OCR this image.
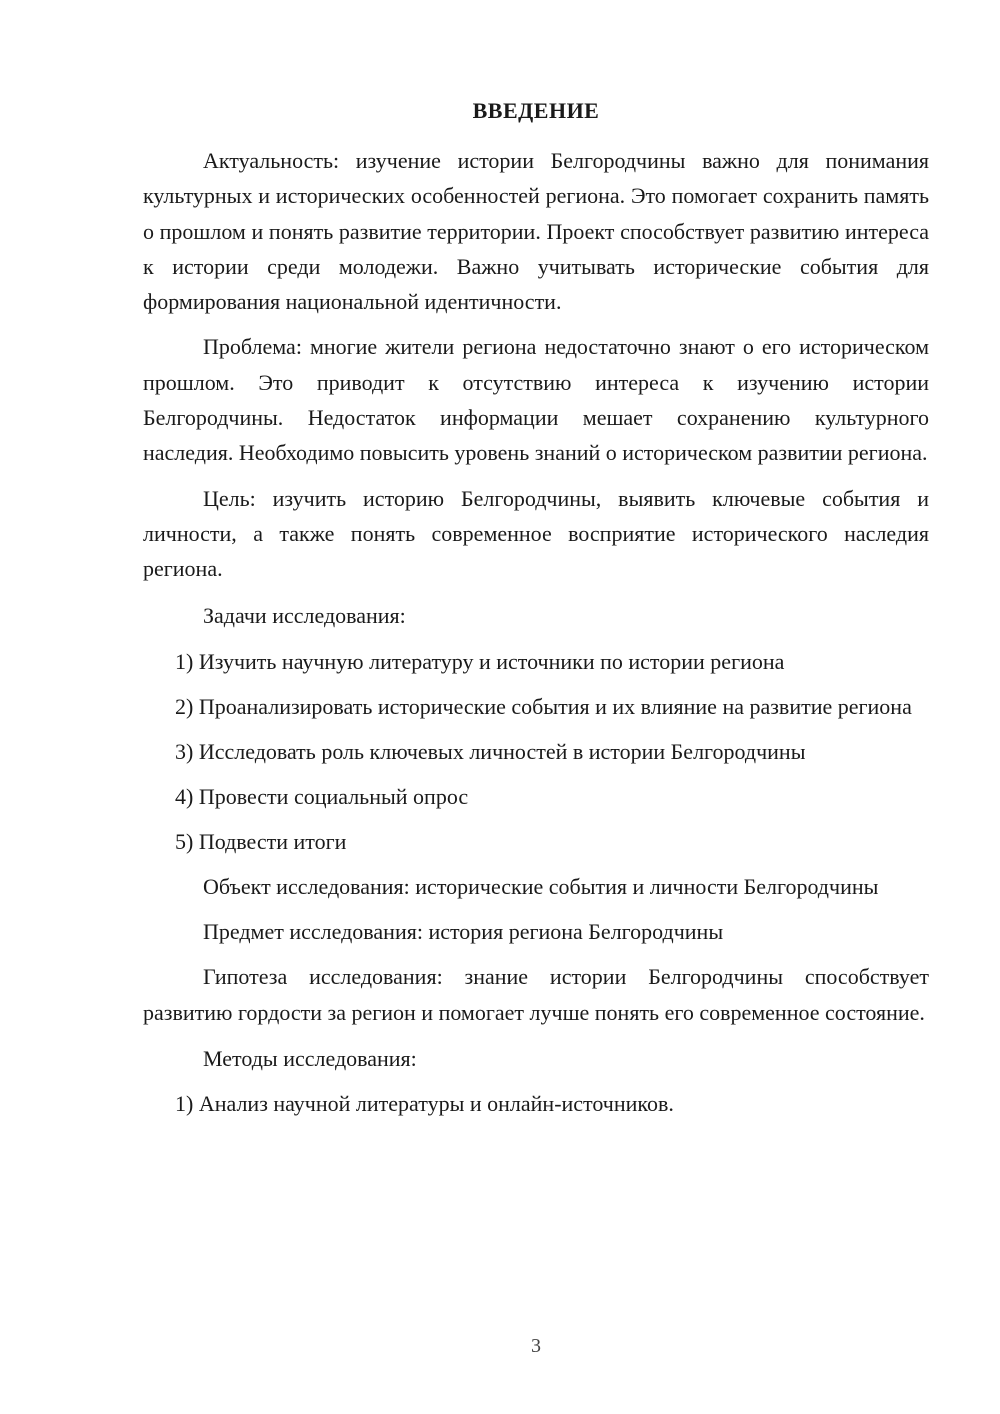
ВВЕДЕНИЕ

Актуальность: изучение истории Белгородчины важно для понимания культурных и исторических особенностей региона. Это помогает сохранить память о прошлом и понять развитие территории. Проект способствует развитию интереса к истории среди молодежи. Важно учитывать исторические события для формирования национальной идентичности.

Проблема: многие жители региона недостаточно знают о его историческом прошлом. Это приводит к отсутствию интереса к изучению истории Белгородчины. Недостаток информации мешает сохранению культурного наследия. Необходимо повысить уровень знаний о историческом развитии региона.

Цель: изучить историю Белгородчины, выявить ключевые события и личности, а также понять современное восприятие исторического наследия региона.

Задачи исследования:

1) Изучить научную литературу и источники по истории региона

2) Проанализировать исторические события и их влияние на развитие региона

3) Исследовать роль ключевых личностей в истории Белгородчины

4) Провести социальный опрос

5) Подвести итоги

Объект исследования: исторические события и личности Белгородчины

Предмет исследования: история региона Белгородчины

Гипотеза исследования: знание истории Белгородчины способствует развитию гордости за регион и помогает лучше понять его современное состояние.

Методы исследования:

1) Анализ научной литературы и онлайн-источников.

3
